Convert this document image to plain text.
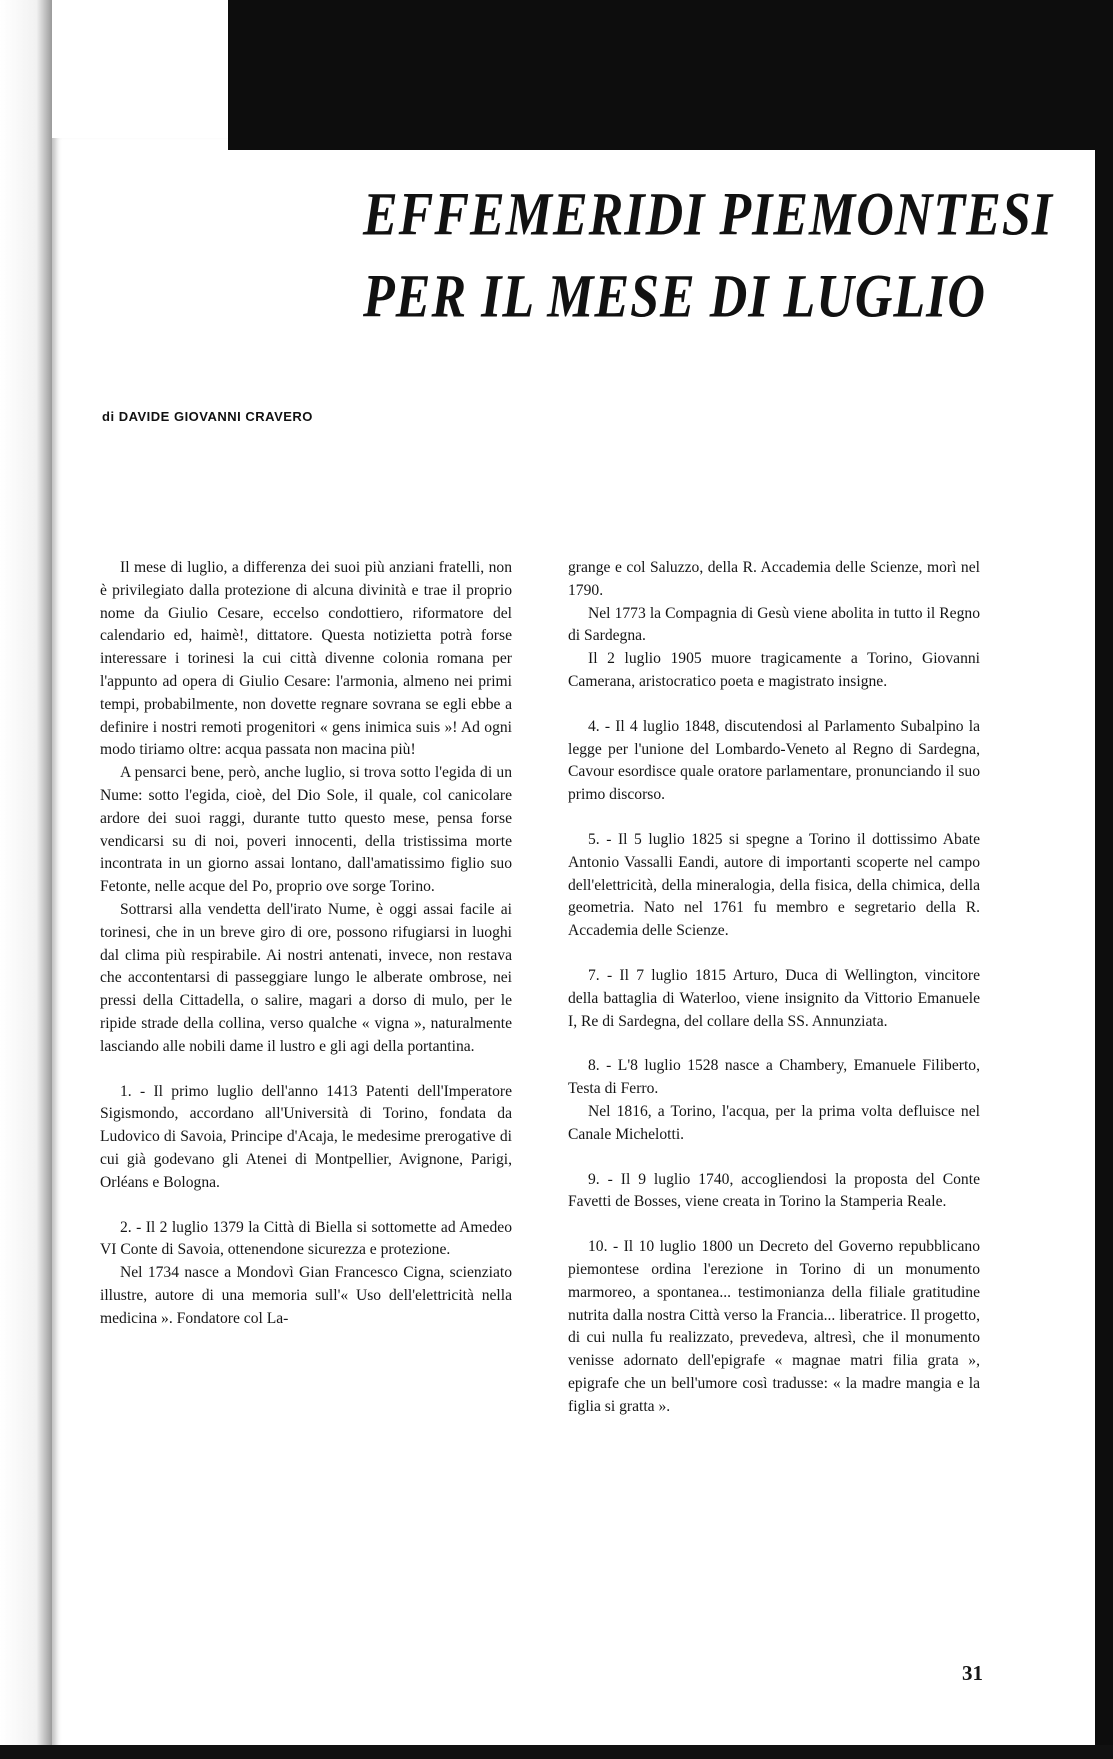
EFFEMERIDI PIEMONTESI
PER IL MESE DI LUGLIO
di DAVIDE GIOVANNI CRAVERO

Il mese di luglio, a differenza dei suoi più anziani fratelli, non è privilegiato dalla protezione di alcuna divinità e trae il proprio nome da Giulio Cesare, eccelso condottiero, riformatore del calendario ed, haimè!, dittatore. Questa notizietta potrà forse interessare i torinesi la cui città divenne colonia romana per l'appunto ad opera di Giulio Cesare: l'armonia, almeno nei primi tempi, probabilmente, non dovette regnare sovrana se egli ebbe a definire i nostri remoti progenitori « gens inimica suis »! Ad ogni modo tiriamo oltre: acqua passata non macina più!

A pensarci bene, però, anche luglio, si trova sotto l'egida di un Nume: sotto l'egida, cioè, del Dio Sole, il quale, col canicolare ardore dei suoi raggi, durante tutto questo mese, pensa forse vendicarsi su di noi, poveri innocenti, della tristissima morte incontrata in un giorno assai lontano, dall'amatissimo figlio suo Fetonte, nelle acque del Po, proprio ove sorge Torino.

Sottrarsi alla vendetta dell'irato Nume, è oggi assai facile ai torinesi, che in un breve giro di ore, possono rifugiarsi in luoghi dal clima più respirabile. Ai nostri antenati, invece, non restava che accontentarsi di passeggiare lungo le alberate ombrose, nei pressi della Cittadella, o salire, magari a dorso di mulo, per le ripide strade della collina, verso qualche « vigna », naturalmente lasciando alle nobili dame il lustro e gli agi della portantina.

1. - Il primo luglio dell'anno 1413 Patenti dell'Imperatore Sigismondo, accordano all'Università di Torino, fondata da Ludovico di Savoia, Principe d'Acaja, le medesime prerogative di cui già godevano gli Atenei di Montpellier, Avignone, Parigi, Orléans e Bologna.

2. - Il 2 luglio 1379 la Città di Biella si sottomette ad Amedeo VI Conte di Savoia, ottenendone sicurezza e protezione.

Nel 1734 nasce a Mondovì Gian Francesco Cigna, scienziato illustre, autore di una memoria sull'« Uso dell'elettricità nella medicina ». Fondatore col La-

grange e col Saluzzo, della R. Accademia delle Scienze, morì nel 1790.

Nel 1773 la Compagnia di Gesù viene abolita in tutto il Regno di Sardegna.

Il 2 luglio 1905 muore tragicamente a Torino, Giovanni Camerana, aristocratico poeta e magistrato insigne.

4. - Il 4 luglio 1848, discutendosi al Parlamento Subalpino la legge per l'unione del Lombardo-Veneto al Regno di Sardegna, Cavour esordisce quale oratore parlamentare, pronunciando il suo primo discorso.

5. - Il 5 luglio 1825 si spegne a Torino il dottissimo Abate Antonio Vassalli Eandi, autore di importanti scoperte nel campo dell'elettricità, della mineralogia, della fisica, della chimica, della geometria. Nato nel 1761 fu membro e segretario della R. Accademia delle Scienze.

7. - Il 7 luglio 1815 Arturo, Duca di Wellington, vincitore della battaglia di Waterloo, viene insignito da Vittorio Emanuele I, Re di Sardegna, del collare della SS. Annunziata.

8. - L'8 luglio 1528 nasce a Chambery, Emanuele Filiberto, Testa di Ferro.

Nel 1816, a Torino, l'acqua, per la prima volta defluisce nel Canale Michelotti.

9. - Il 9 luglio 1740, accogliendosi la proposta del Conte Favetti de Bosses, viene creata in Torino la Stamperia Reale.

10. - Il 10 luglio 1800 un Decreto del Governo repubblicano piemontese ordina l'erezione in Torino di un monumento marmoreo, a spontanea... testimonianza della filiale gratitudine nutrita dalla nostra Città verso la Francia... liberatrice. Il progetto, di cui nulla fu realizzato, prevedeva, altresì, che il monumento venisse adornato dell'epigrafe « magnae matri filia grata », epigrafe che un bell'umore così tradusse: « la madre mangia e la figlia si gratta ».

31
